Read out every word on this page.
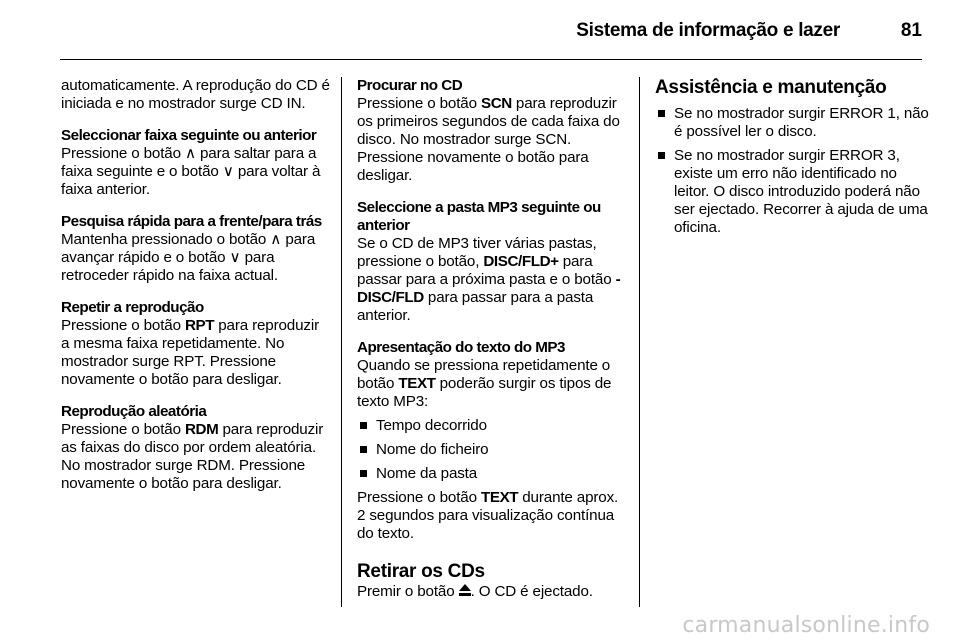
Sistema de informação e lazer	81
automaticamente. A reprodução do CD é iniciada e no mostrador surge CD IN.
Seleccionar faixa seguinte ou anterior
Pressione o botão ∧ para saltar para a faixa seguinte e o botão ∨ para voltar à faixa anterior.
Pesquisa rápida para a frente/para trás
Mantenha pressionado o botão ∧ para avançar rápido e o botão ∨ para retroceder rápido na faixa actual.
Repetir a reprodução
Pressione o botão RPT para reproduzir a mesma faixa repetidamente. No mostrador surge RPT. Pressione novamente o botão para desligar.
Reprodução aleatória
Pressione o botão RDM para reproduzir as faixas do disco por ordem aleatória. No mostrador surge RDM. Pressione novamente o botão para desligar.
Procurar no CD
Pressione o botão SCN para reproduzir os primeiros segundos de cada faixa do disco. No mostrador surge SCN. Pressione novamente o botão para desligar.
Seleccione a pasta MP3 seguinte ou anterior
Se o CD de MP3 tiver várias pastas, pressione o botão, DISC/FLD+ para passar para a próxima pasta e o botão -DISC/FLD para passar para a pasta anterior.
Apresentação do texto do MP3
Quando se pressiona repetidamente o botão TEXT poderão surgir os tipos de texto MP3:
Tempo decorrido
Nome do ficheiro
Nome da pasta
Pressione o botão TEXT durante aprox. 2 segundos para visualização contínua do texto.
Retirar os CDs
Premir o botão . O CD é ejectado.
Assistência e manutenção
Se no mostrador surgir ERROR 1, não é possível ler o disco.
Se no mostrador surgir ERROR 3, existe um erro não identificado no leitor. O disco introduzido poderá não ser ejectado. Recorrer à ajuda de uma oficina.
carmanualsonline.info
